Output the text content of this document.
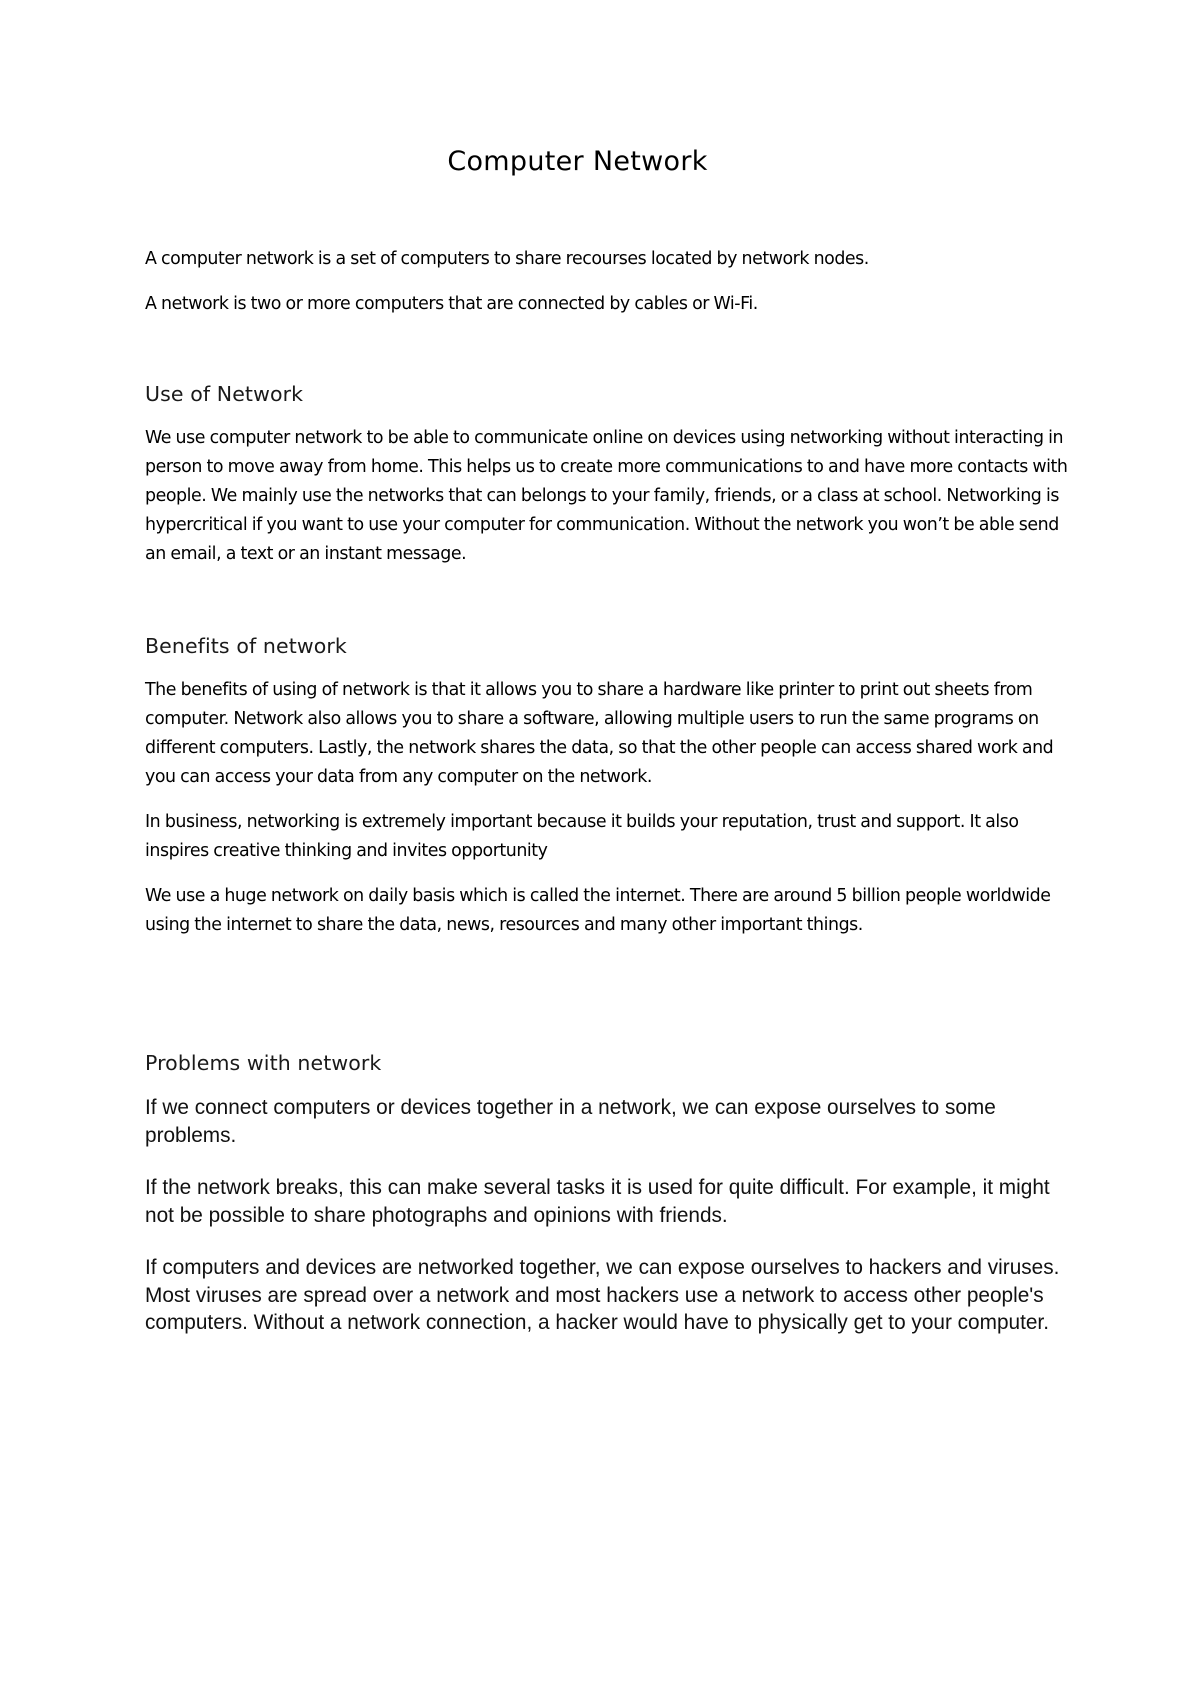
Computer Network

A computer network is a set of computers to share recourses located by network nodes.

A network is two or more computers that are connected by cables or Wi-Fi.

Use of Network

We use computer network to be able to communicate online on devices using networking without interacting in person to move away from home. This helps us to create more communications to and have more contacts with people. We mainly use the networks that can belongs to your family, friends, or a class at school. Networking is hypercritical if you want to use your computer for communication. Without the network you won’t be able send an email, a text or an instant message.

Benefits of network

The benefits of using of network is that it allows you to share a hardware like printer to print out sheets from computer. Network also allows you to share a software, allowing multiple users to run the same programs on different computers. Lastly, the network shares the data, so that the other people can access shared work and you can access your data from any computer on the network.

In business, networking is extremely important because it builds your reputation, trust and support. It also inspires creative thinking and invites opportunity

We use a huge network on daily basis which is called the internet. There are around 5 billion people worldwide using the internet to share the data, news, resources and many other important things.

Problems with network

If we connect computers or devices together in a network, we can expose ourselves to some problems.

If the network breaks, this can make several tasks it is used for quite difficult. For example, it might not be possible to share photographs and opinions with friends.

If computers and devices are networked together, we can expose ourselves to hackers and viruses. Most viruses are spread over a network and most hackers use a network to access other people's computers. Without a network connection, a hacker would have to physically get to your computer.
